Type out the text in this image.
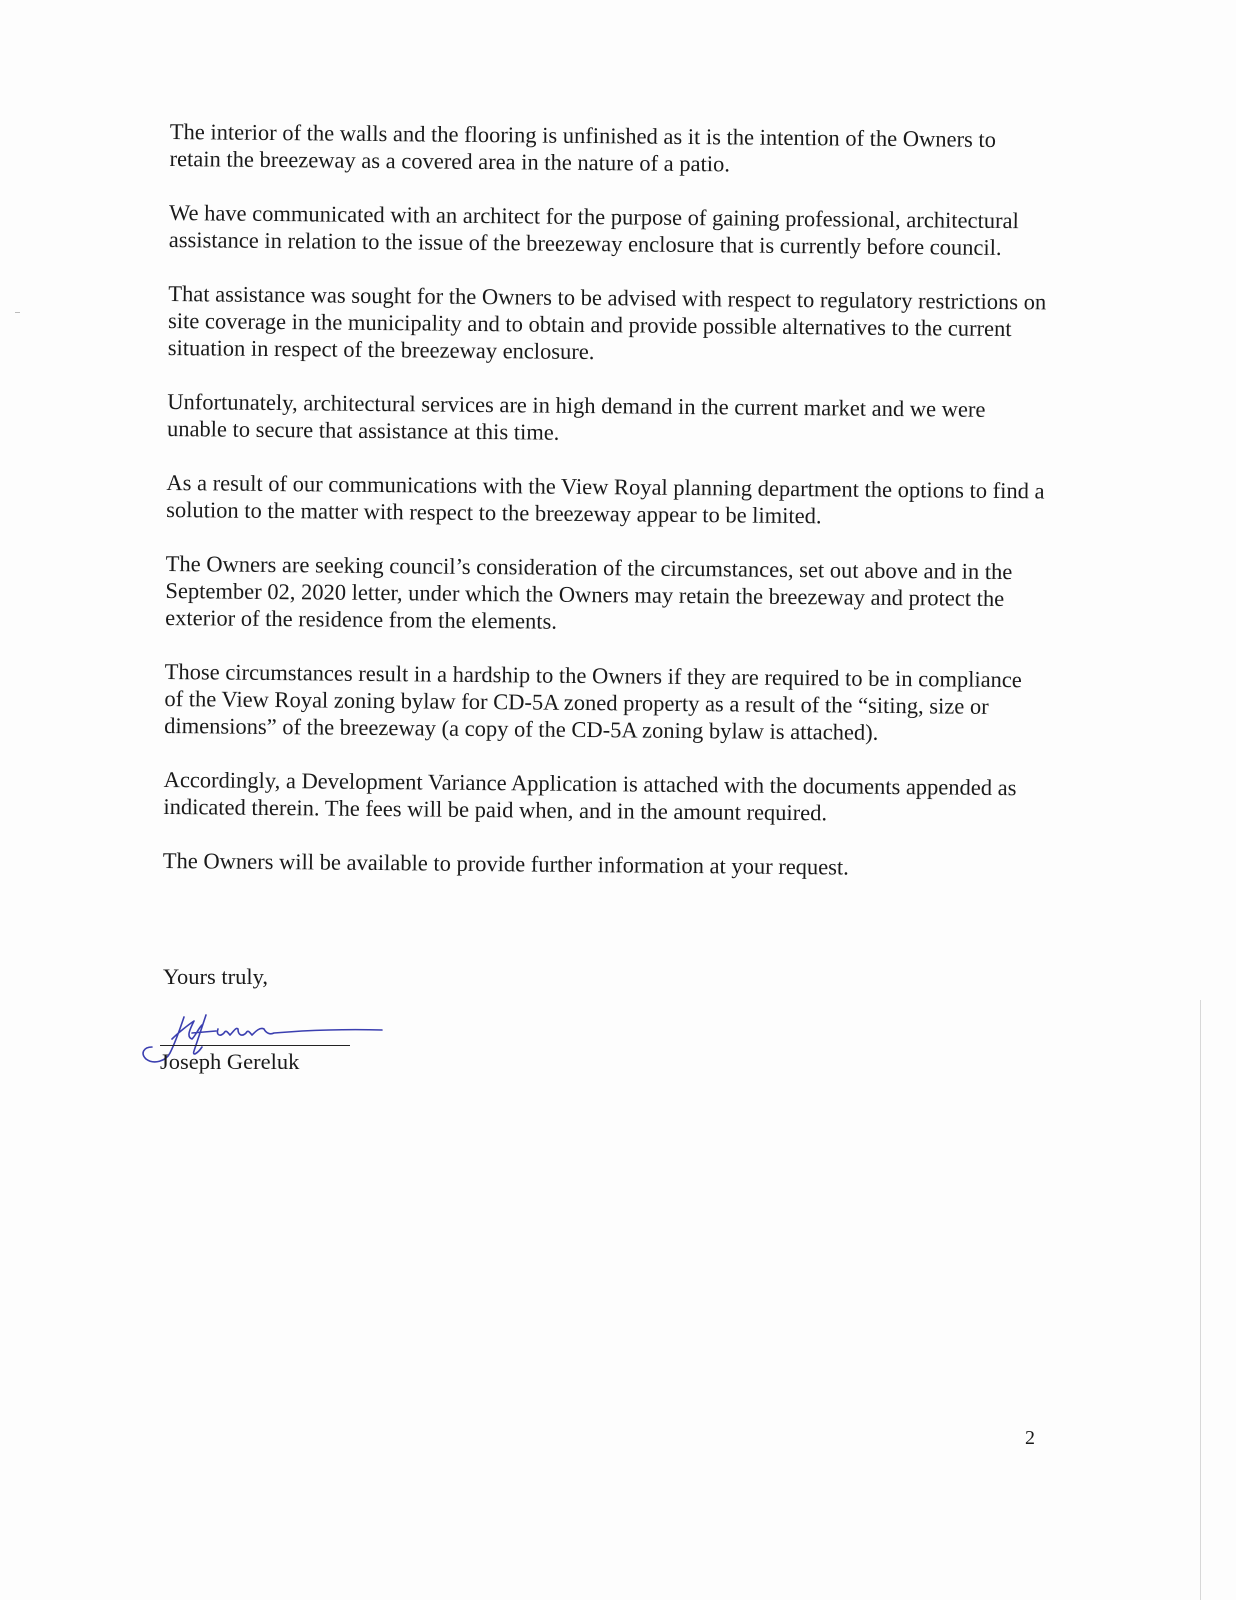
The interior of the walls and the flooring is unfinished as it is the intention of the Owners to retain the breezeway as a covered area in the nature of a patio.

We have communicated with an architect for the purpose of gaining professional, architectural assistance in relation to the issue of the breezeway enclosure that is currently before council.

That assistance was sought for the Owners to be advised with respect to regulatory restrictions on site coverage in the municipality and to obtain and provide possible alternatives to the current situation in respect of the breezeway enclosure.

Unfortunately, architectural services are in high demand in the current market and we were unable to secure that assistance at this time.

As a result of our communications with the View Royal planning department the options to find a solution to the matter with respect to the breezeway appear to be limited.

The Owners are seeking council’s consideration of the circumstances, set out above and in the September 02, 2020 letter, under which the Owners may retain the breezeway and protect the exterior of the residence from the elements.

Those circumstances result in a hardship to the Owners if they are required to be in compliance of the View Royal zoning bylaw for CD-5A zoned property as a result of the “siting, size or dimensions” of the breezeway (a copy of the CD-5A zoning bylaw is attached).

Accordingly, a Development Variance Application is attached with the documents appended as indicated therein. The fees will be paid when, and in the amount required.

The Owners will be available to provide further information at your request.

Yours truly,
Joseph Gereluk
2
